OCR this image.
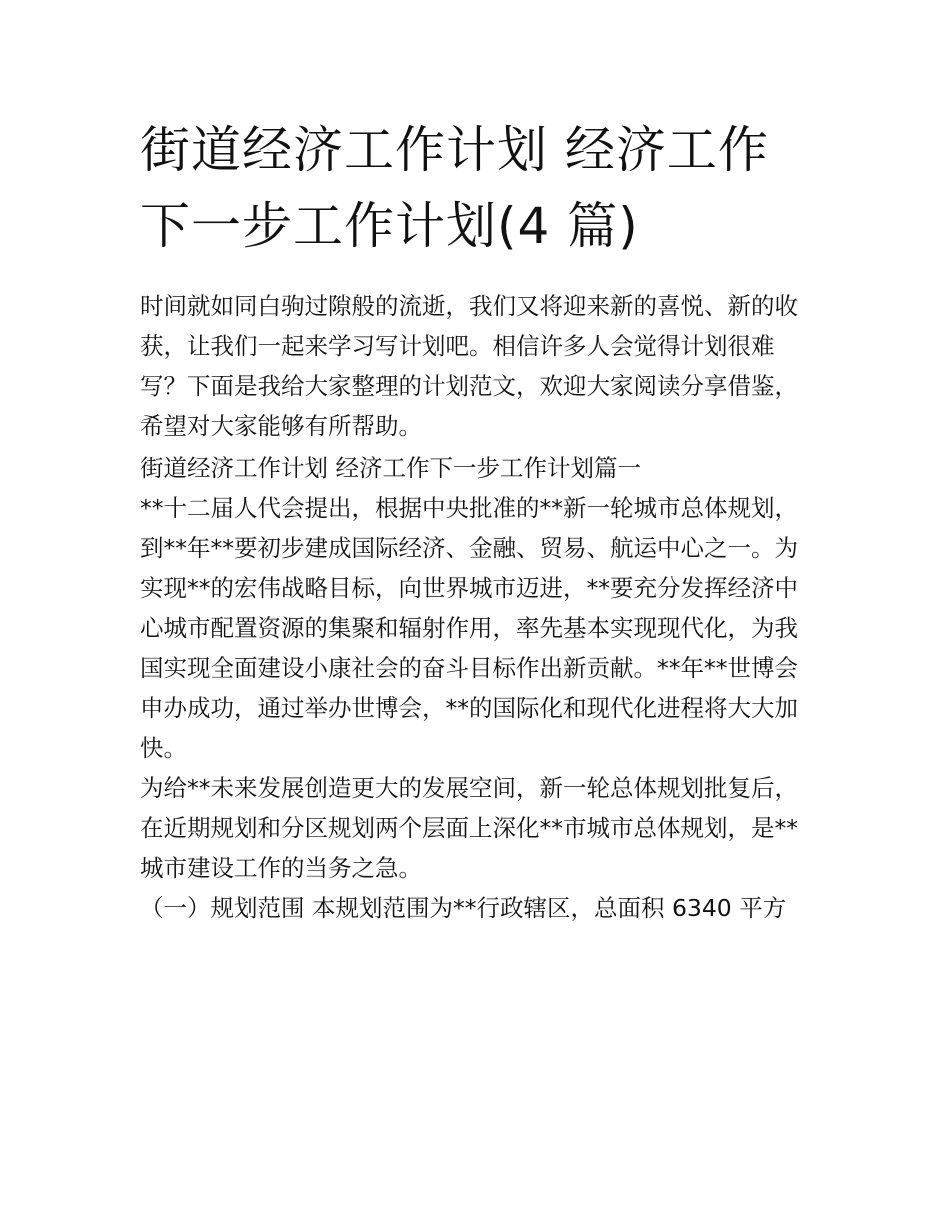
街道经济工作计划 经济工作下一步工作计划(4 篇)

时间就如同白驹过隙般的流逝，我们又将迎来新的喜悦、新的收获，让我们一起来学习写计划吧。相信许多人会觉得计划很难写？下面是我给大家整理的计划范文，欢迎大家阅读分享借鉴，希望对大家能够有所帮助。

街道经济工作计划 经济工作下一步工作计划篇一

**十二届人代会提出，根据中央批准的**新一轮城市总体规划，到**年**要初步建成国际经济、金融、贸易、航运中心之一。为实现**的宏伟战略目标，向世界城市迈进，**要充分发挥经济中心城市配置资源的集聚和辐射作用，率先基本实现现代化，为我国实现全面建设小康社会的奋斗目标作出新贡献。**年**世博会申办成功，通过举办世博会，**的国际化和现代化进程将大大加快。

为给**未来发展创造更大的发展空间，新一轮总体规划批复后，在近期规划和分区规划两个层面上深化**市城市总体规划，是**城市建设工作的当务之急。

（一）规划范围 本规划范围为**行政辖区，总面积 6340 平方
